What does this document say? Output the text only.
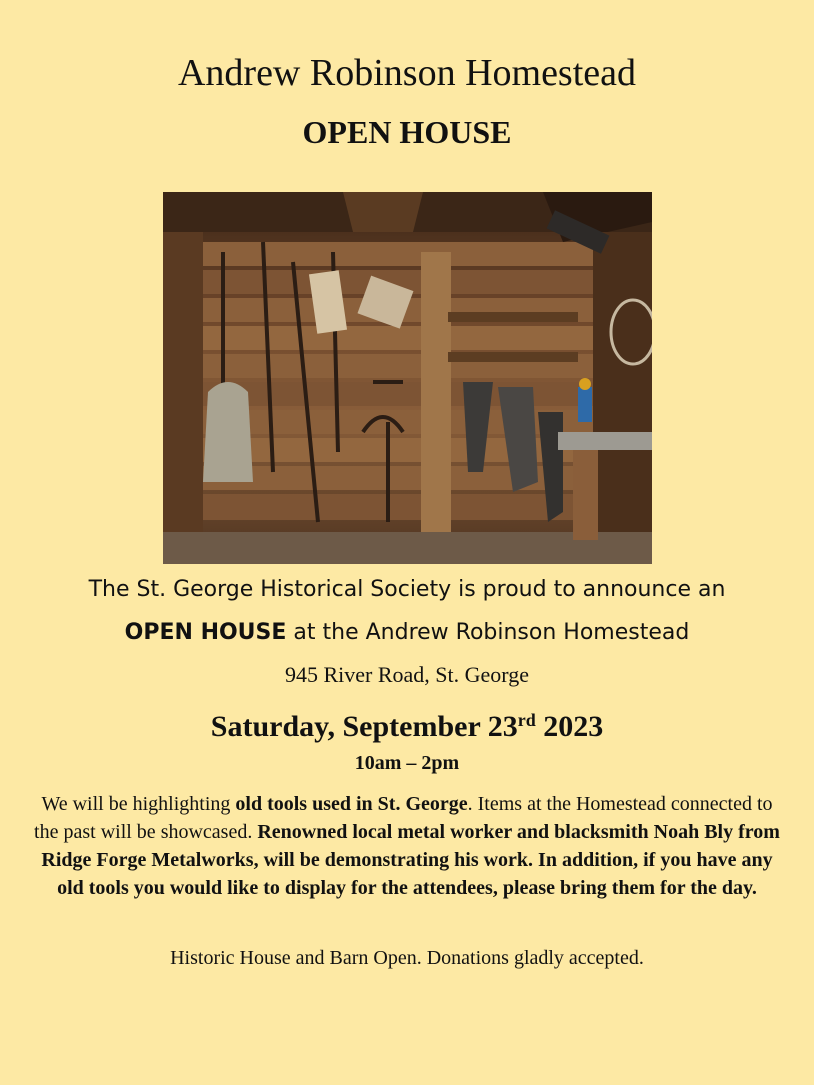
Andrew Robinson Homestead
OPEN HOUSE
The St. George Historical Society is proud to announce an
OPEN HOUSE at the Andrew Robinson Homestead
945 River Road, St. George
Saturday, September 23rd 2023
10am – 2pm
We will be highlighting old tools used in St. George. Items at the Homestead connected to the past will be showcased. Renowned local metal worker and blacksmith Noah Bly from Ridge Forge Metalworks, will be demonstrating his work. In addition, if you have any old tools you would like to display for the attendees, please bring them for the day.
Historic House and Barn Open. Donations gladly accepted.
